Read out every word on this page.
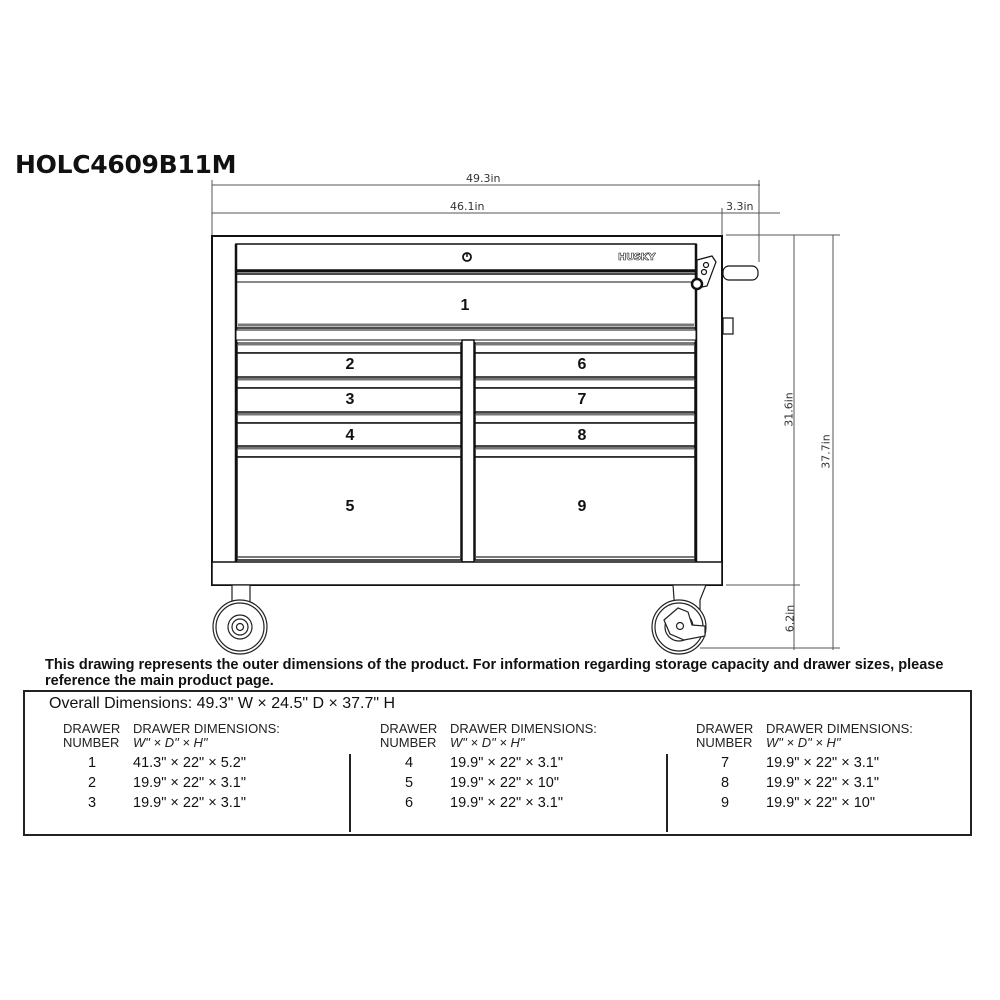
HOLC4609B11M
HUSKY
49.3in
46.1in	3.3in
31.6in
37.7in
6.2in
1
2
3
4
5
6
7
8
9
This drawing represents the outer dimensions of the product. For information regarding storage capacity and drawer sizes, please reference the main product page.
Overall Dimensions: 49.3" W × 24.5" D × 37.7" H
DRAWER DRAWER DIMENSIONS:
NUMBER W" × D" × H"
1	41.3" × 22" × 5.2"
2	19.9" × 22" × 3.1"
3	19.9" × 22" × 3.1"
DRAWER DRAWER DIMENSIONS:
NUMBER W" × D" × H"
4	19.9" × 22" × 3.1"
5	19.9" × 22" × 10"
6	19.9" × 22" × 3.1"
DRAWER DRAWER DIMENSIONS:
NUMBER W" × D" × H"
7	19.9" × 22" × 3.1"
8	19.9" × 22" × 3.1"
9	19.9" × 22" × 10"
